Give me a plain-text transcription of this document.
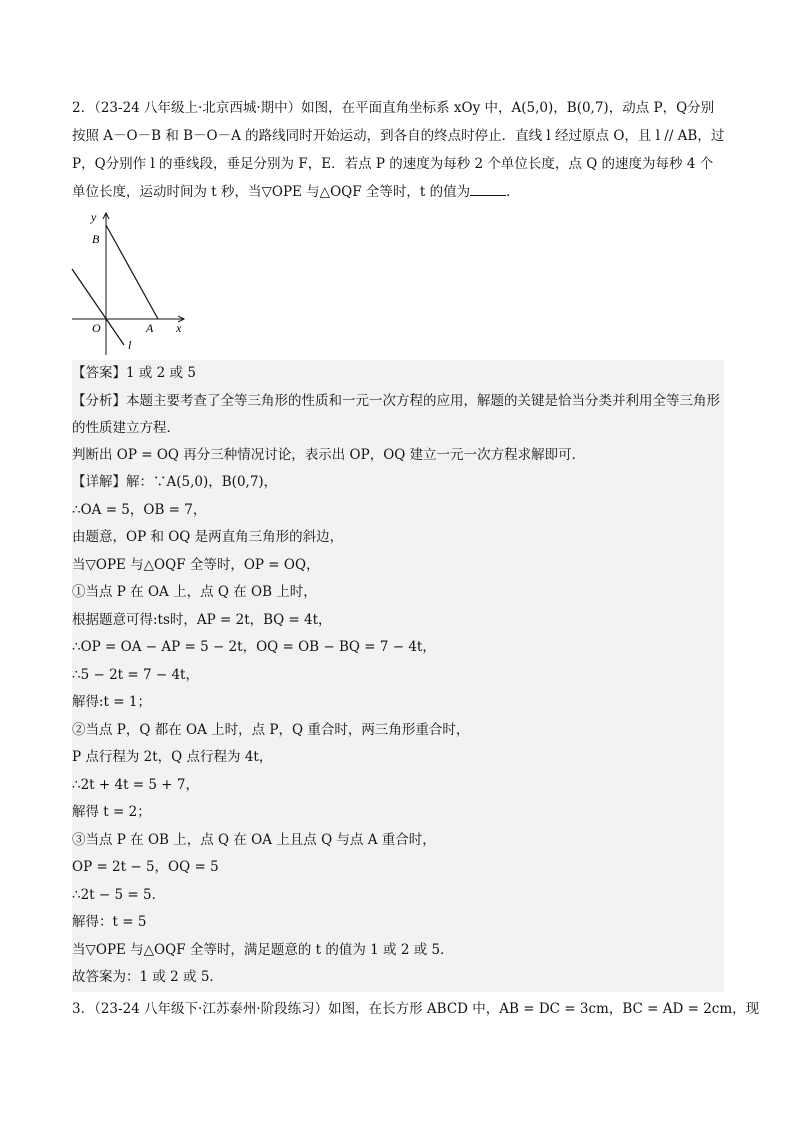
2．（23-24 八年级上·北京西城·期中）如图，在平面直角坐标系 xOy 中，A(5,0)，B(0,7)，动点 P，Q分别

按照 A－O－B 和 B－O－A 的路线同时开始运动，到各自的终点时停止．直线 l 经过原点 O，且 l // AB，过

P，Q分别作 l 的垂线段，垂足分别为 F，E．若点 P 的速度为每秒 2 个单位长度，点 Q 的速度为每秒 4 个

单位长度，运动时间为 t 秒，当▽OPE 与△OQF 全等时，t 的值为	．

y
B
O	A x
l

【答案】1 或 2 或 5

【分析】本题主要考查了全等三角形的性质和一元一次方程的应用，解题的关键是恰当分类并利用全等三角形的性质建立方程．

判断出 OP = OQ 再分三种情况讨论，表示出 OP，OQ 建立一元一次方程求解即可．

【详解】解：∵A(5,0)，B(0,7)，

∴OA = 5，OB = 7，

由题意，OP 和 OQ 是两直角三角形的斜边，

当▽OPE 与△OQF 全等时，OP = OQ，

①当点 P 在 OA 上，点 Q 在 OB 上时，

根据题意可得:ts时，AP = 2t，BQ = 4t，

∴OP = OA − AP = 5 − 2t，OQ = OB − BQ = 7 − 4t，

∴5 − 2t = 7 − 4t，

解得:t = 1；

②当点 P，Q 都在 OA 上时，点 P，Q 重合时，两三角形重合时，

P 点行程为 2t，Q 点行程为 4t，

∴2t + 4t = 5 + 7，

解得 t = 2；

③当点 P 在 OB 上，点 Q 在 OA 上且点 Q 与点 A 重合时，

OP = 2t − 5，OQ = 5

∴2t − 5 = 5．

解得：t = 5

当▽OPE 与△OQF 全等时，满足题意的 t 的值为 1 或 2 或 5．

故答案为：1 或 2 或 5．

3．（23-24 八年级下·江苏泰州·阶段练习）如图，在长方形 ABCD 中，AB = DC = 3cm，BC = AD = 2cm，现
